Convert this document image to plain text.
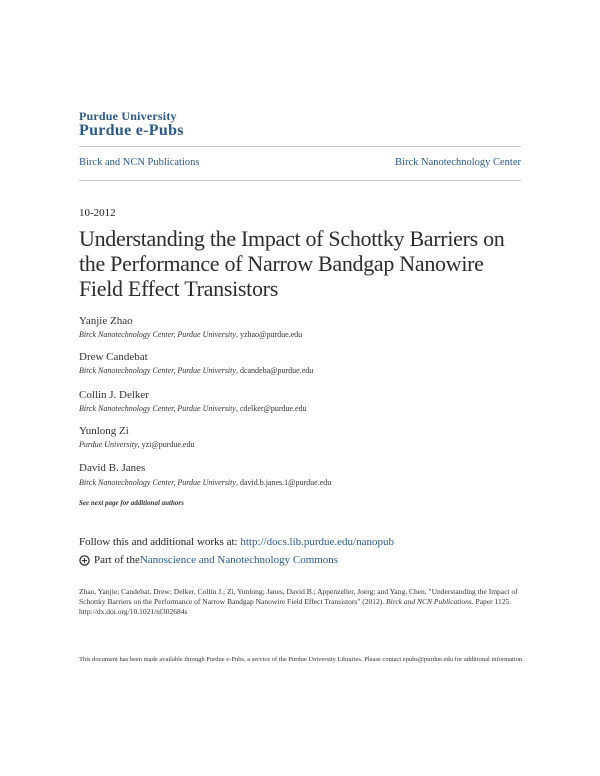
Purdue University
Purdue e-Pubs
Birck and NCN Publications	Birck Nanotechnology Center
10-2012
Understanding the Impact of Schottky Barriers on the Performance of Narrow Bandgap Nanowire Field Effect Transistors
Yanjie Zhao
Birck Nanotechnology Center, Purdue University, yzhao@purdue.edu
Drew Candebat
Birck Nanotechnology Center, Purdue University, dcandeba@purdue.edu
Collin J. Delker
Birck Nanotechnology Center, Purdue University, cdelker@purdue.edu
Yunlong Zi
Purdue University, yzi@purdue.edu
David B. Janes
Birck Nanotechnology Center, Purdue University, david.b.janes.1@purdue.edu
See next page for additional authors
Follow this and additional works at: http://docs.lib.purdue.edu/nanopub
Part of the Nanoscience and Nanotechnology Commons
Zhao, Yanjie; Candebat, Drew; Delker, Collin J.; Zi, Yunlong; Janes, David B.; Appenzeller, Joerg; and Yang, Chen, "Understanding the Impact of Schottky Barriers on the Performance of Narrow Bandgap Nanowire Field Effect Transistors" (2012). Birck and NCN Publications. Paper 1125.
http://dx.doi.org/10.1021/nl302684s
This document has been made available through Purdue e-Pubs, a service of the Purdue University Libraries. Please contact epubs@purdue.edu for additional information.
